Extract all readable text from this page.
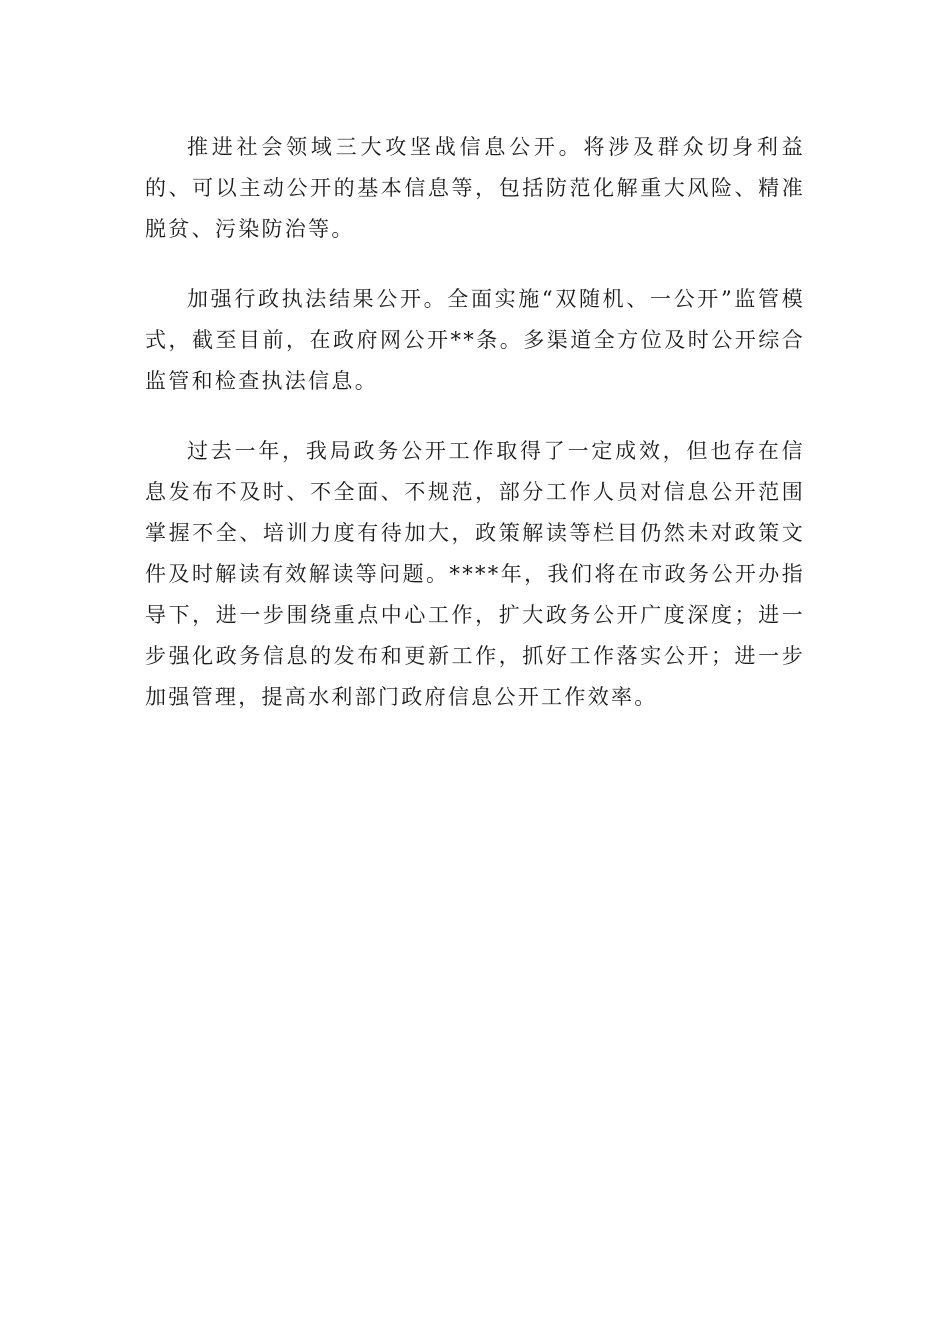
推进社会领域三大攻坚战信息公开。将涉及群众切身利益的、可以主动公开的基本信息等，包括防范化解重大风险、精准脱贫、污染防治等。

加强行政执法结果公开。全面实施“双随机、一公开”监管模式，截至目前，在政府网公开**条。多渠道全方位及时公开综合监管和检查执法信息。

过去一年，我局政务公开工作取得了一定成效，但也存在信息发布不及时、不全面、不规范，部分工作人员对信息公开范围掌握不全、培训力度有待加大，政策解读等栏目仍然未对政策文件及时解读有效解读等问题。****年，我们将在市政务公开办指导下，进一步围绕重点中心工作，扩大政务公开广度深度；进一步强化政务信息的发布和更新工作，抓好工作落实公开；进一步加强管理，提高水利部门政府信息公开工作效率。
